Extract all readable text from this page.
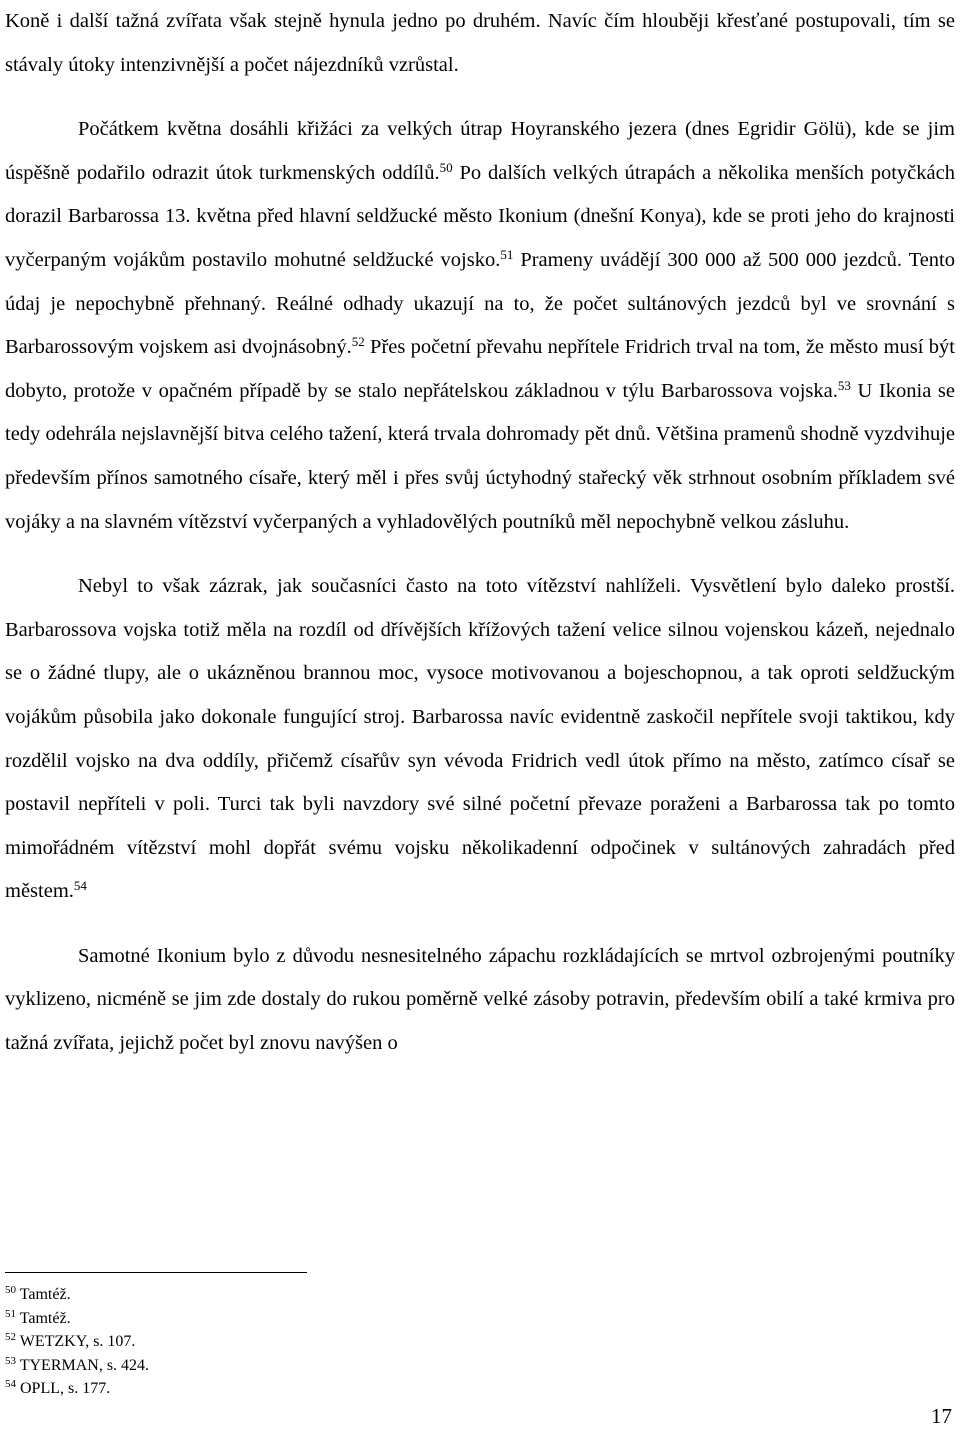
Koně i další tažná zvířata však stejně hynula jedno po druhém. Navíc čím hlouběji křesťané postupovali, tím se stávaly útoky intenzivnější a počet nájezdníků vzrůstal.

Počátkem května dosáhli křižáci za velkých útrap Hoyranského jezera (dnes Egridir Gölü), kde se jim úspěšně podařilo odrazit útok turkmenských oddílů.$^{50}$ Po dalších velkých útrapách a několika menších potyčkách dorazil Barbarossa 13. května před hlavní seldžucké město Ikonium (dnešní Konya), kde se proti jeho do krajnosti vyčerpaným vojákům postavilo mohutné seldžucké vojsko.$^{51}$ Prameny uvádějí 300 000 až 500 000 jezdců. Tento údaj je nepochybně přehnaný. Reálné odhady ukazují na to, že počet sultánových jezdců byl ve srovnání s Barbarossovým vojskem asi dvojnásobný.$^{52}$ Přes početní převahu nepřítele Fridrich trval na tom, že město musí být dobyto, protože v opačném případě by se stalo nepřátelskou základnou v týlu Barbarossova vojska.$^{53}$ U Ikonia se tedy odehrála nejslavnější bitva celého tažení, která trvala dohromady pět dnů. Většina pramenů shodně vyzdvihuje především přínos samotného císaře, který měl i přes svůj úctyhodný stařecký věk strhnout osobním příkladem své vojáky a na slavném vítězství vyčerpaných a vyhladovělých poutníků měl nepochybně velkou zásluhu.

Nebyl to však zázrak, jak současníci často na toto vítězství nahlíželi. Vysvětlení bylo daleko prostší. Barbarossova vojska totiž měla na rozdíl od dřívějších křížových tažení velice silnou vojenskou kázeň, nejednalo se o žádné tlupy, ale o ukázněnou brannou moc, vysoce motivovanou a bojeschopnou, a tak oproti seldžuckým vojákům působila jako dokonale fungující stroj. Barbarossa navíc evidentně zaskočil nepřítele svoji taktikou, kdy rozdělil vojsko na dva oddíly, přičemž císařův syn vévoda Fridrich vedl útok přímo na město, zatímco císař se postavil nepříteli v poli. Turci tak byli navzdory své silné početní převaze poraženi a Barbarossa tak po tomto mimořádném vítězství mohl dopřát svému vojsku několikadenní odpočinek v sultánových zahradách před městem.$^{54}$

Samotné Ikonium bylo z důvodu nesnesitelného zápachu rozkládajících se mrtvol ozbrojenými poutníky vyklizeno, nicméně se jim zde dostaly do rukou poměrně velké zásoby potravin, především obilí a také krmiva pro tažná zvířata, jejichž počet byl znovu navýšen o

$^{50}$ Tamtéž.
$^{51}$ Tamtéž.
$^{52}$ WETZKY, s. 107.
$^{53}$ TYERMAN, s. 424.
$^{54}$ OPLL, s. 177.
17
